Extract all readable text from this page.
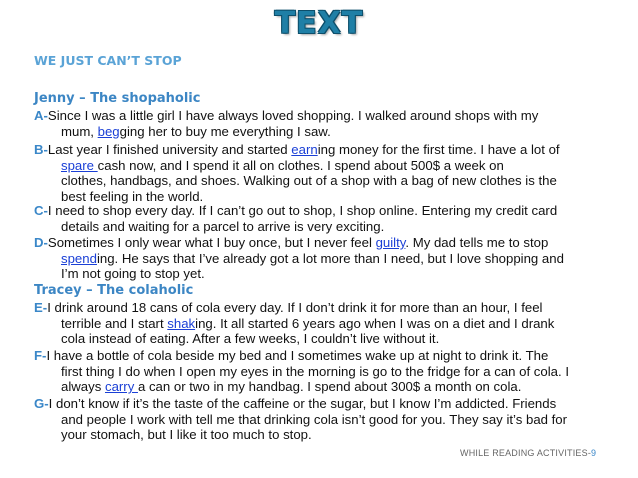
TEXT
WE JUST CAN’T STOP
Jenny – The shopaholic
A-Since I was a little girl I have always loved shopping. I walked around shops with my
mum, begging her to buy me everything I saw.
B-Last year I finished university and started earning money for the first time. I have a lot of
spare cash now, and I spend it all on clothes. I spend about 500$ a week on
clothes, handbags, and shoes. Walking out of a shop with a bag of new clothes is the
best feeling in the world.
C-I need to shop every day. If I can’t go out to shop, I shop online. Entering my credit card
details and waiting for a parcel to arrive is very exciting.
D-Sometimes I only wear what I buy once, but I never feel guilty. My dad tells me to stop
spending. He says that I’ve already got a lot more than I need, but I love shopping and
I’m not going to stop yet.
Tracey – The colaholic
E-I drink around 18 cans of cola every day. If I don’t drink it for more than an hour, I feel
terrible and I start shaking. It all started 6 years ago when I was on a diet and I drank
cola instead of eating. After a few weeks, I couldn’t live without it.
F-I have a bottle of cola beside my bed and I sometimes wake up at night to drink it. The
first thing I do when I open my eyes in the morning is go to the fridge for a can of cola. I
always carry a can or two in my handbag. I spend about 300$ a month on cola.
G-I don’t know if it’s the taste of the caffeine or the sugar, but I know I’m addicted. Friends
and people I work with tell me that drinking cola isn’t good for you. They say it’s bad for
your stomach, but I like it too much to stop.
WHILE READING ACTIVITIES-9
